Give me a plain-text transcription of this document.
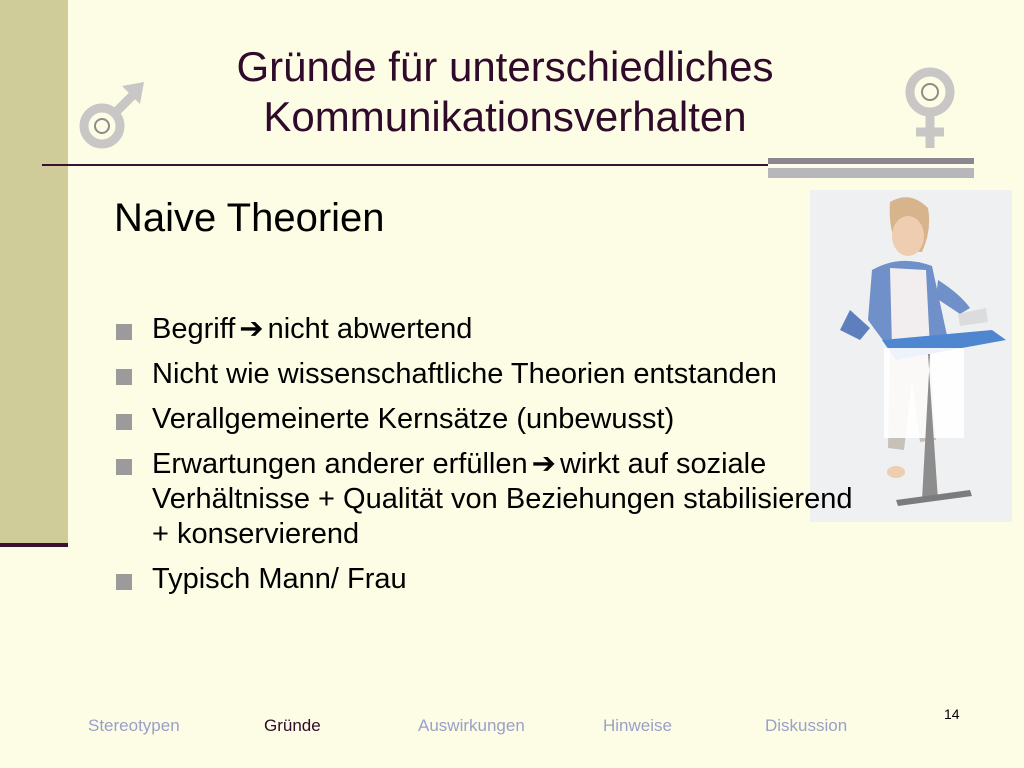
Gründe für unterschiedliches
Kommunikationsverhalten
Naive Theorien
Begriff ➔ nicht abwertend
Nicht wie wissenschaftliche Theorien entstanden
Verallgemeinerte Kernsätze (unbewusst)
Erwartungen anderer erfüllen ➔ wirkt auf soziale Verhältnisse + Qualität von Beziehungen stabilisierend + konservierend
Typisch Mann/ Frau
Stereotypen	Gründe	Auswirkungen	Hinweise	Diskussion
14
